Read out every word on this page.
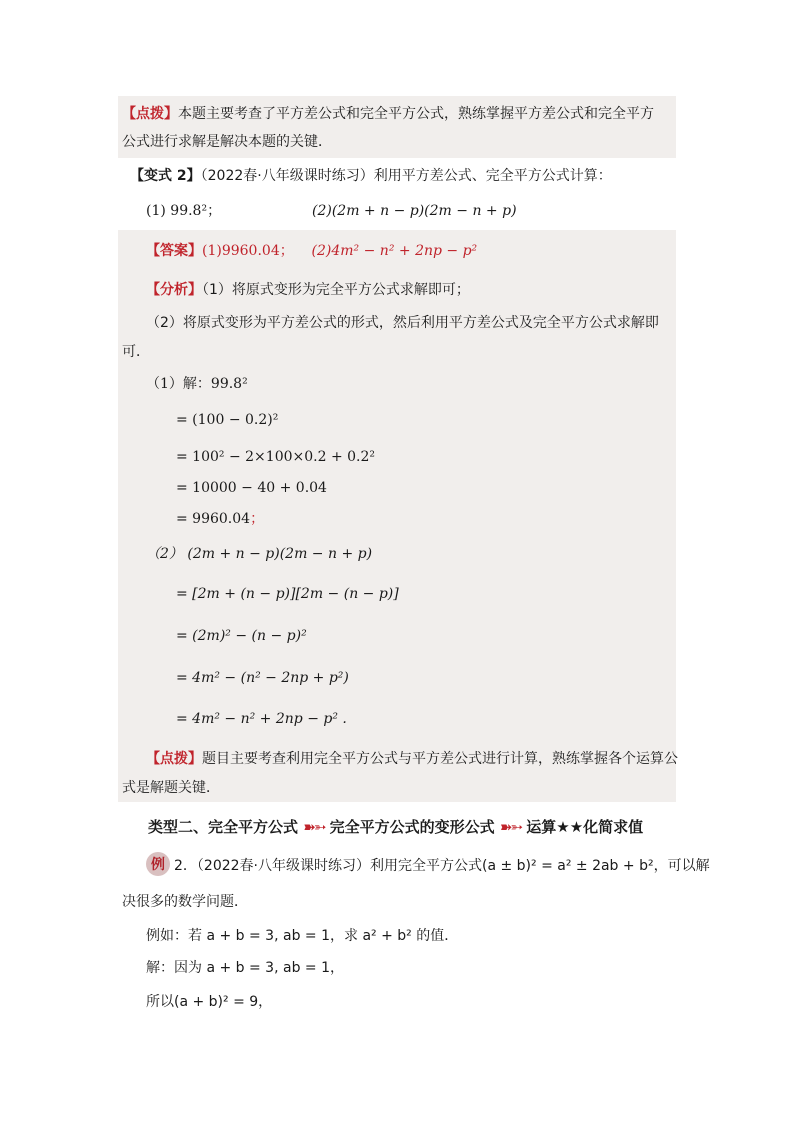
【点拨】本题主要考查了平方差公式和完全平方公式，熟练掌握平方差公式和完全平方
公式进行求解是解决本题的关键．
【变式 2】（2022春·八年级课时练习）利用平方差公式、完全平方公式计算：
(1) 99.8²；	(2)(2m + n − p)(2m − n + p)
【答案】(1)9960.04； (2)4m² − n² + 2np − p²
【分析】（1）将原式变形为完全平方公式求解即可；
（2）将原式变形为平方差公式的形式，然后利用平方差公式及完全平方公式求解即
可．
（1）解：99.8²
= (100 − 0.2)²
= 100² − 2×100×0.2 + 0.2²
= 10000 − 40 + 0.04
= 9960.04；
（2） (2m + n − p)(2m − n + p)
= [2m + (n − p)][2m − (n − p)]
= (2m)² − (n − p)²
= 4m² − (n² − 2np + p²)
= 4m² − n² + 2np − p² .
【点拨】题目主要考查利用完全平方公式与平方差公式进行计算，熟练掌握各个运算公
式是解题关键．
类型二、完全平方公式 ➽➳ 完全平方公式的变形公式 ➽➳ 运算★★化简求值
例 2．（2022春·八年级课时练习）利用完全平方公式(a ± b)² = a² ± 2ab + b²，可以解
决很多的数学问题．
例如：若 a + b = 3, ab = 1，求 a² + b² 的值．
解：因为 a + b = 3, ab = 1，
所以(a + b)² = 9，
